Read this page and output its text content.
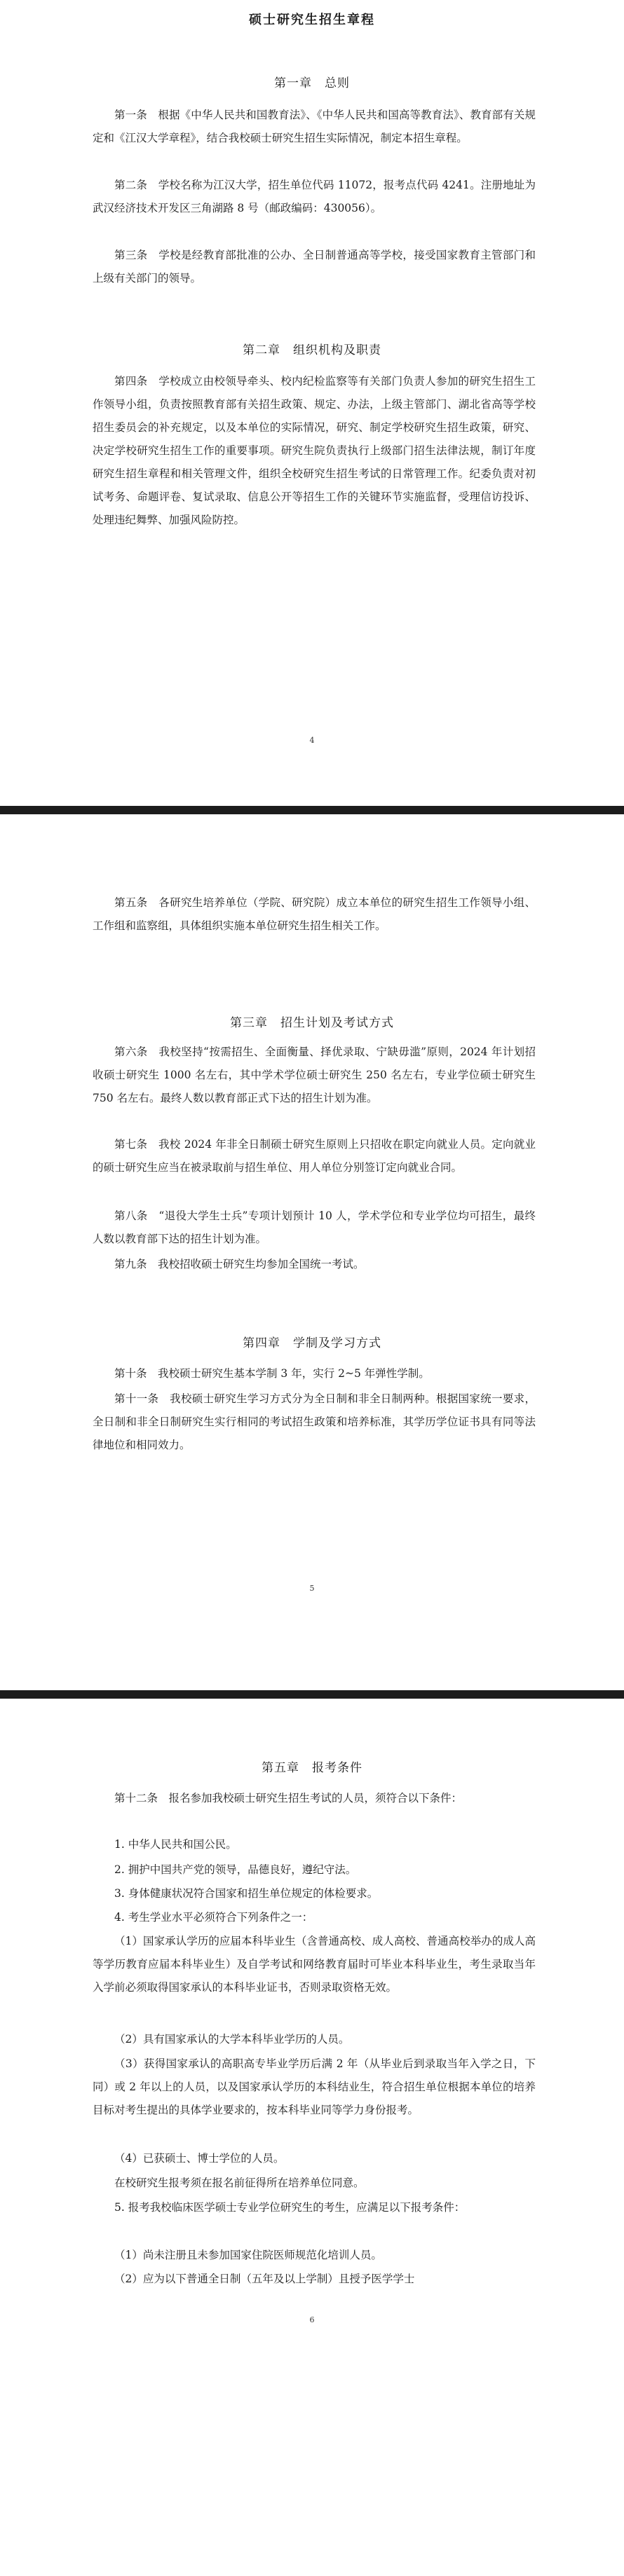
硕士研究生招生章程
第一章　总则

第一条　根据《中华人民共和国教育法》、《中华人民共和国高等教育法》、教育部有关规定和《江汉大学章程》，结合我校硕士研究生招生实际情况，制定本招生章程。

第二条　学校名称为江汉大学，招生单位代码 11072，报考点代码 4241。注册地址为武汉经济技术开发区三角湖路 8 号（邮政编码：430056）。

第三条　学校是经教育部批准的公办、全日制普通高等学校，接受国家教育主管部门和上级有关部门的领导。

第二章　组织机构及职责

第四条　学校成立由校领导牵头、校内纪检监察等有关部门负责人参加的研究生招生工作领导小组，负责按照教育部有关招生政策、规定、办法，上级主管部门、湖北省高等学校招生委员会的补充规定，以及本单位的实际情况，研究、制定学校研究生招生政策，研究、决定学校研究生招生工作的重要事项。研究生院负责执行上级部门招生法律法规，制订年度研究生招生章程和相关管理文件，组织全校研究生招生考试的日常管理工作。纪委负责对初试考务、命题评卷、复试录取、信息公开等招生工作的关键环节实施监督，受理信访投诉、处理违纪舞弊、加强风险防控。

4

第五条　各研究生培养单位（学院、研究院）成立本单位的研究生招生工作领导小组、工作组和监察组，具体组织实施本单位研究生招生相关工作。

第三章　招生计划及考试方式

第六条　我校坚持“按需招生、全面衡量、择优录取、宁缺毋滥”原则，2024 年计划招收硕士研究生 1000 名左右，其中学术学位硕士研究生 250 名左右，专业学位硕士研究生 750 名左右。最终人数以教育部正式下达的招生计划为准。

第七条　我校 2024 年非全日制硕士研究生原则上只招收在职定向就业人员。定向就业的硕士研究生应当在被录取前与招生单位、用人单位分别签订定向就业合同。

第八条　“退役大学生士兵”专项计划预计 10 人，学术学位和专业学位均可招生，最终人数以教育部下达的招生计划为准。

第九条　我校招收硕士研究生均参加全国统一考试。

第四章　学制及学习方式

第十条　我校硕士研究生基本学制 3 年，实行 2~5 年弹性学制。

第十一条　我校硕士研究生学习方式分为全日制和非全日制两种。根据国家统一要求，全日制和非全日制研究生实行相同的考试招生政策和培养标准，其学历学位证书具有同等法律地位和相同效力。

5
第五章　报考条件

第十二条　报名参加我校硕士研究生招生考试的人员，须符合以下条件：

1. 中华人民共和国公民。

2. 拥护中国共产党的领导，品德良好，遵纪守法。

3. 身体健康状况符合国家和招生单位规定的体检要求。

4. 考生学业水平必须符合下列条件之一：

（1）国家承认学历的应届本科毕业生（含普通高校、成人高校、普通高校举办的成人高等学历教育应届本科毕业生）及自学考试和网络教育届时可毕业本科毕业生，考生录取当年入学前必须取得国家承认的本科毕业证书，否则录取资格无效。

（2）具有国家承认的大学本科毕业学历的人员。

（3）获得国家承认的高职高专毕业学历后满 2 年（从毕业后到录取当年入学之日，下同）或 2 年以上的人员，以及国家承认学历的本科结业生，符合招生单位根据本单位的培养目标对考生提出的具体学业要求的，按本科毕业同等学力身份报考。

（4）已获硕士、博士学位的人员。

在校研究生报考须在报名前征得所在培养单位同意。

5. 报考我校临床医学硕士专业学位研究生的考生，应满足以下报考条件：

（1）尚未注册且未参加国家住院医师规范化培训人员。

（2）应为以下普通全日制（五年及以上学制）且授予医学学士

6
